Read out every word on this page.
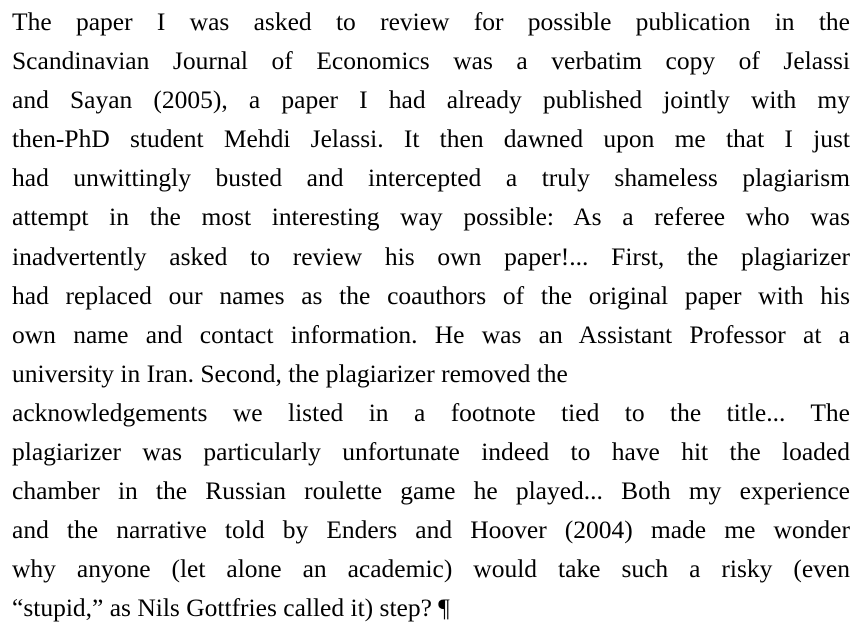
The paper I was asked to review for possible publication in the
Scandinavian Journal of Economics was a verbatim copy of Jelassi
and Sayan (2005), a paper I had already published jointly with my
then-PhD student Mehdi Jelassi. It then dawned upon me that I just
had unwittingly busted and intercepted a truly shameless plagiarism
attempt in the most interesting way possible: As a referee who was
inadvertently asked to review his own paper!... First, the plagiarizer
had replaced our names as the coauthors of the original paper with his
own name and contact information. He was an Assistant Professor at a
university in Iran. Second, the plagiarizer removed the
acknowledgements we listed in a footnote tied to the title... The
plagiarizer was particularly unfortunate indeed to have hit the loaded
chamber in the Russian roulette game he played... Both my experience
and the narrative told by Enders and Hoover (2004) made me wonder
why anyone (let alone an academic) would take such a risky (even
“stupid,” as Nils Gottfries called it) step? ¶
